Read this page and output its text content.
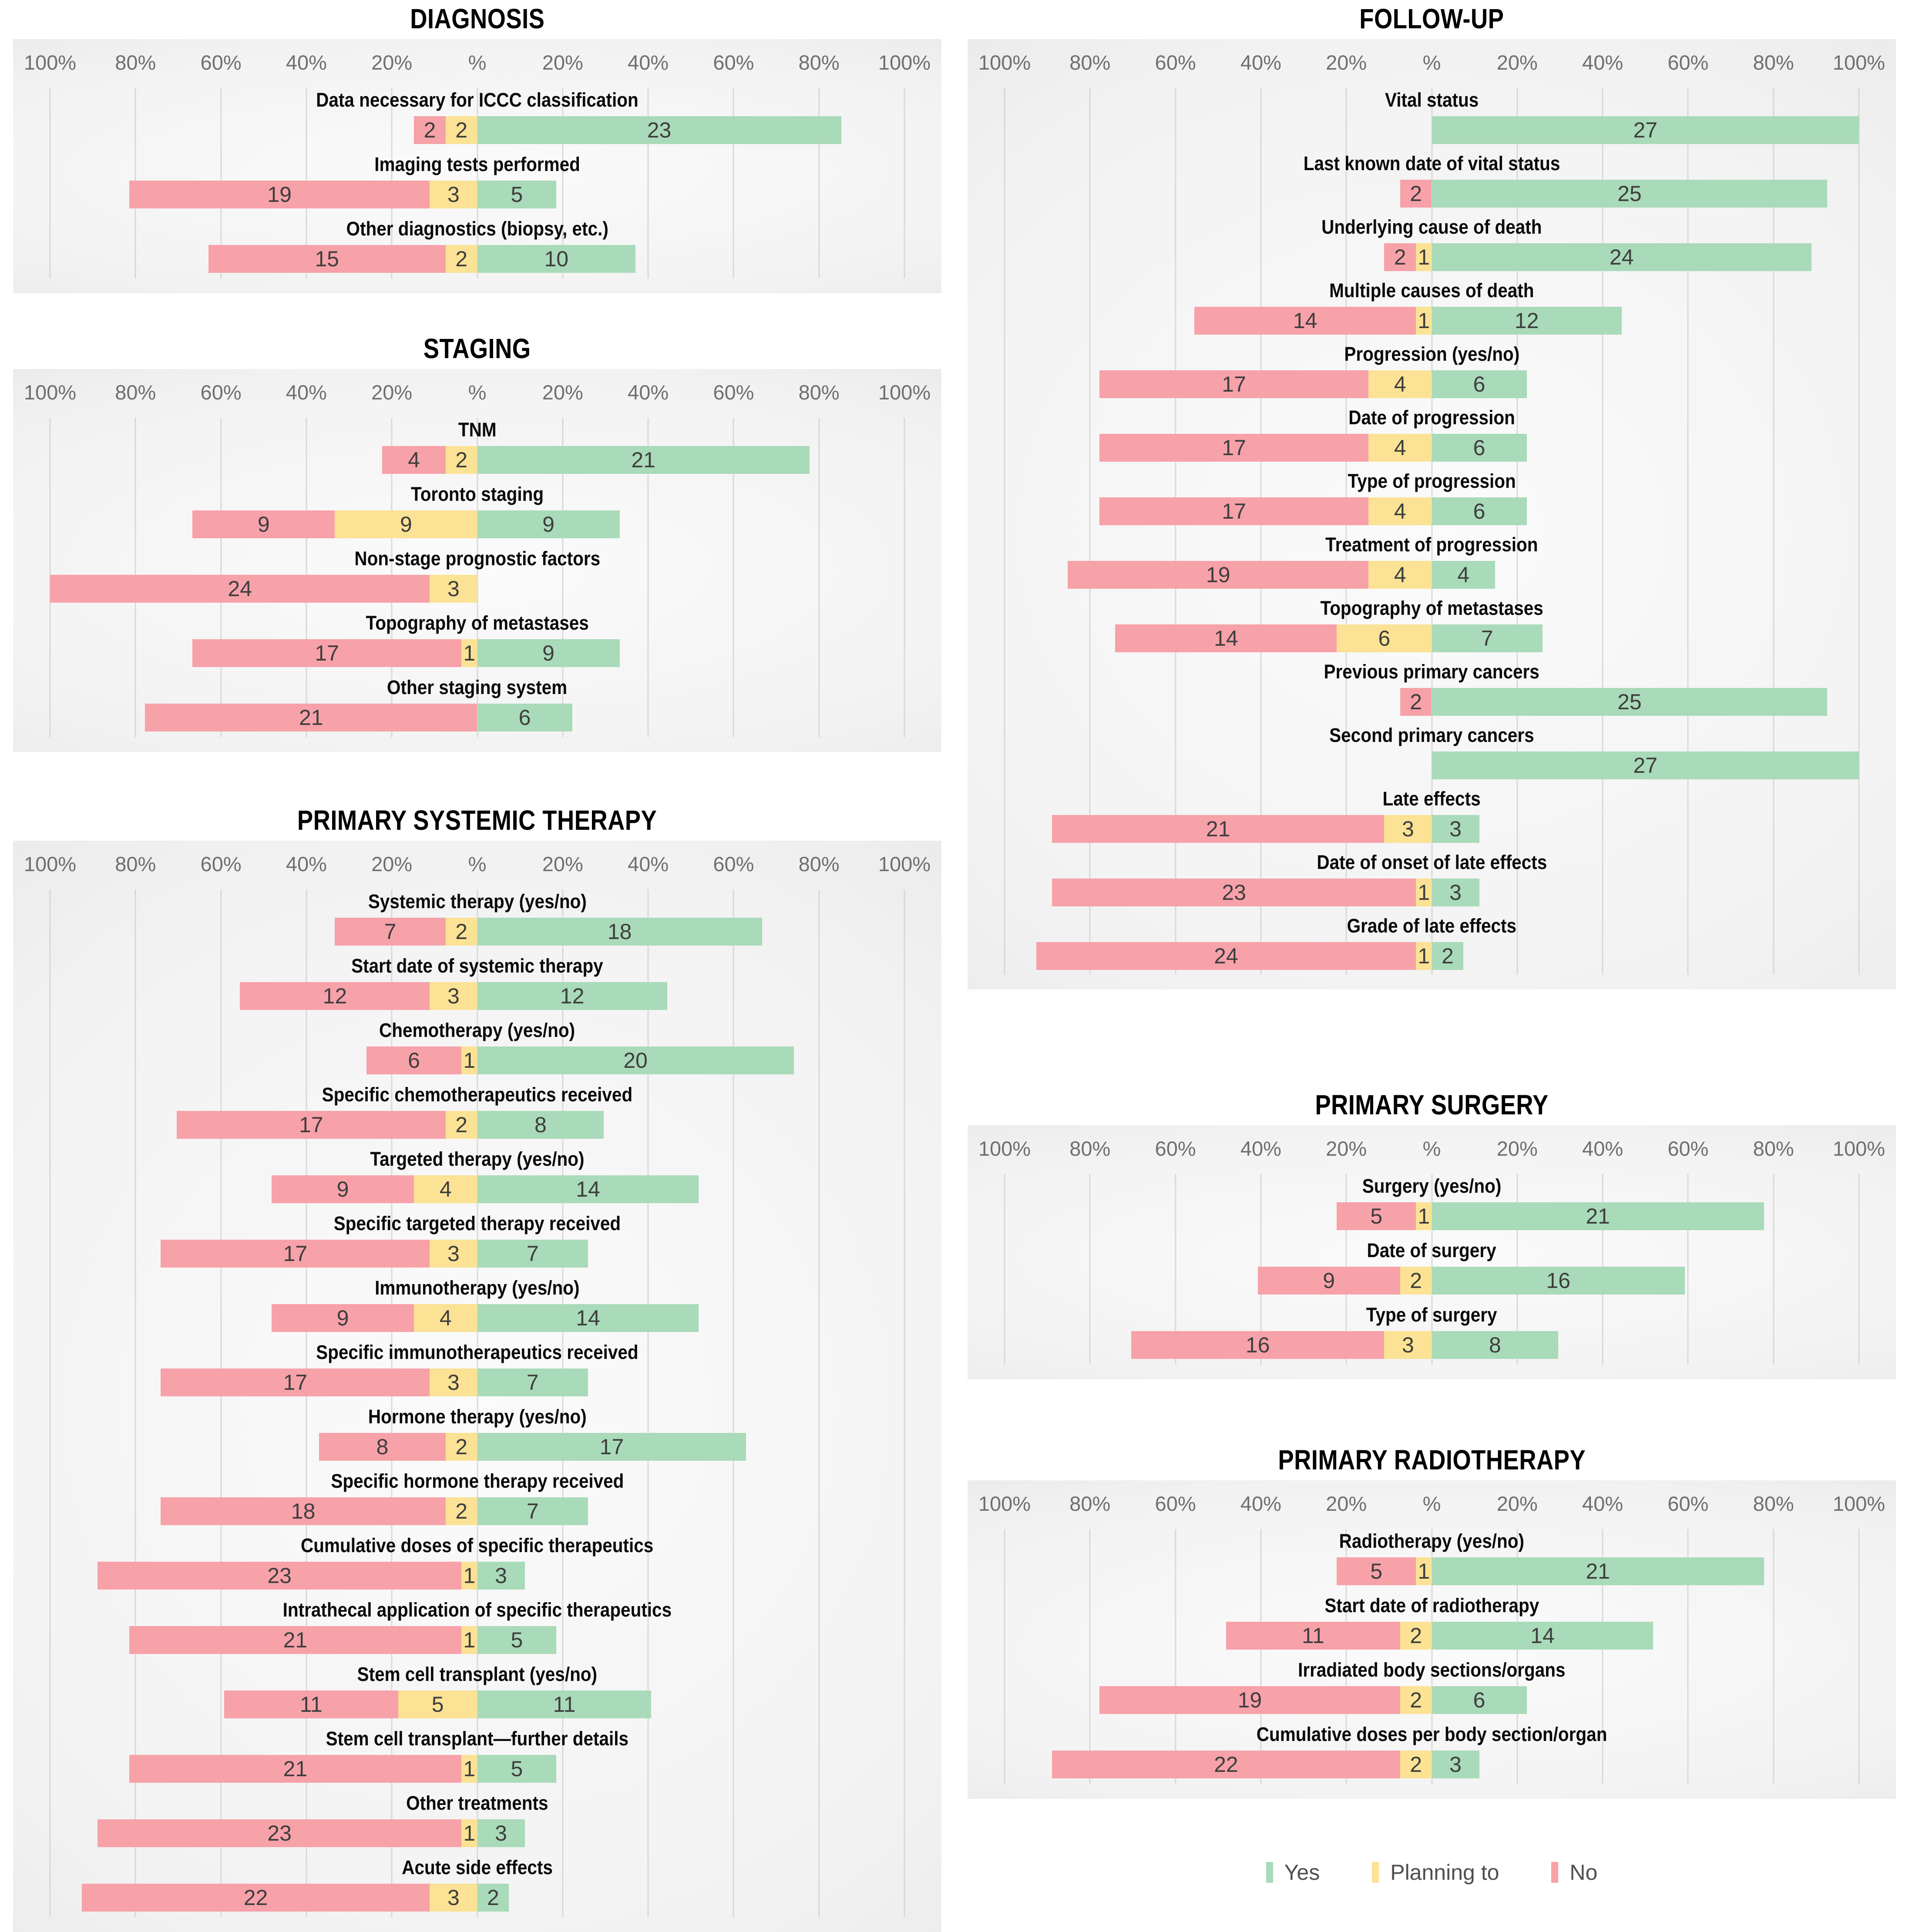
DIAGNOSIS
100% 80% 60% 40% 20%	%	20% 40% 60% 80% 100%
Data necessary for ICCC classification
2 2	23
Imaging tests performed
19	3 5
Other diagnostics (biopsy, etc.)
15	2	10
STAGING
100% 80% 60% 40% 20%	%	20% 40% 60% 80% 100%
TNM
4 2	21
Toronto staging
9	9	9
Non-stage prognostic factors
24	3
Topography of metastases
17	1	9
Other staging system
21	6
PRIMARY SYSTEMIC THERAPY
100% 80% 60% 40% 20%	%	20% 40% 60% 80% 100%
Systemic therapy (yes/no)
7	2	18
Start date of systemic therapy
12	3	12
Chemotherapy (yes/no)
6 1	20
Specific chemotherapeutics received
17	2	8
Targeted therapy (yes/no)
9	4	14
Specific targeted therapy received
17	3	7
Immunotherapy (yes/no)
9	4	14
Specific immunotherapeutics received
17	3	7
Hormone therapy (yes/no)
8	2	17
Specific hormone therapy received
18	2	7
Cumulative doses of specific therapeutics
23	1 3
Intrathecal application of specific therapeutics
21	1 5
Stem cell transplant (yes/no)
11	5	11
Stem cell transplant—further details
21	1 5
Other treatments
23	1 3
Acute side effects
22	3 2
FOLLOW-UP
100% 80% 60% 40% 20%	%	20% 40% 60% 80% 100%
Vital status
27
Last known date of vital status
2	25
Underlying cause of death
2 1	24
Multiple causes of death
14	1	12
Progression (yes/no)
17	4	6
Date of progression
17	4	6
Type of progression
17	4	6
Treatment of progression
19	4 4
Topography of metastases
14	6	7
Previous primary cancers
2	25
Second primary cancers
27
Late effects
21	3 3
Date of onset of late effects
23	1 3
Grade of late effects
24	1 2
PRIMARY SURGERY
100% 80% 60% 40% 20%	%	20% 40% 60% 80% 100%
Surgery (yes/no)
5 1	21
Date of surgery
9	2	16
Type of surgery
16	3	8
PRIMARY RADIOTHERAPY
100% 80% 60% 40% 20%	%	20% 40% 60% 80% 100%
Radiotherapy (yes/no)
5 1	21
Start date of radiotherapy
11	2	14
Irradiated body sections/organs
19	2 6
Cumulative doses per body section/organ
22	2 3
Yes	Planning to	No
